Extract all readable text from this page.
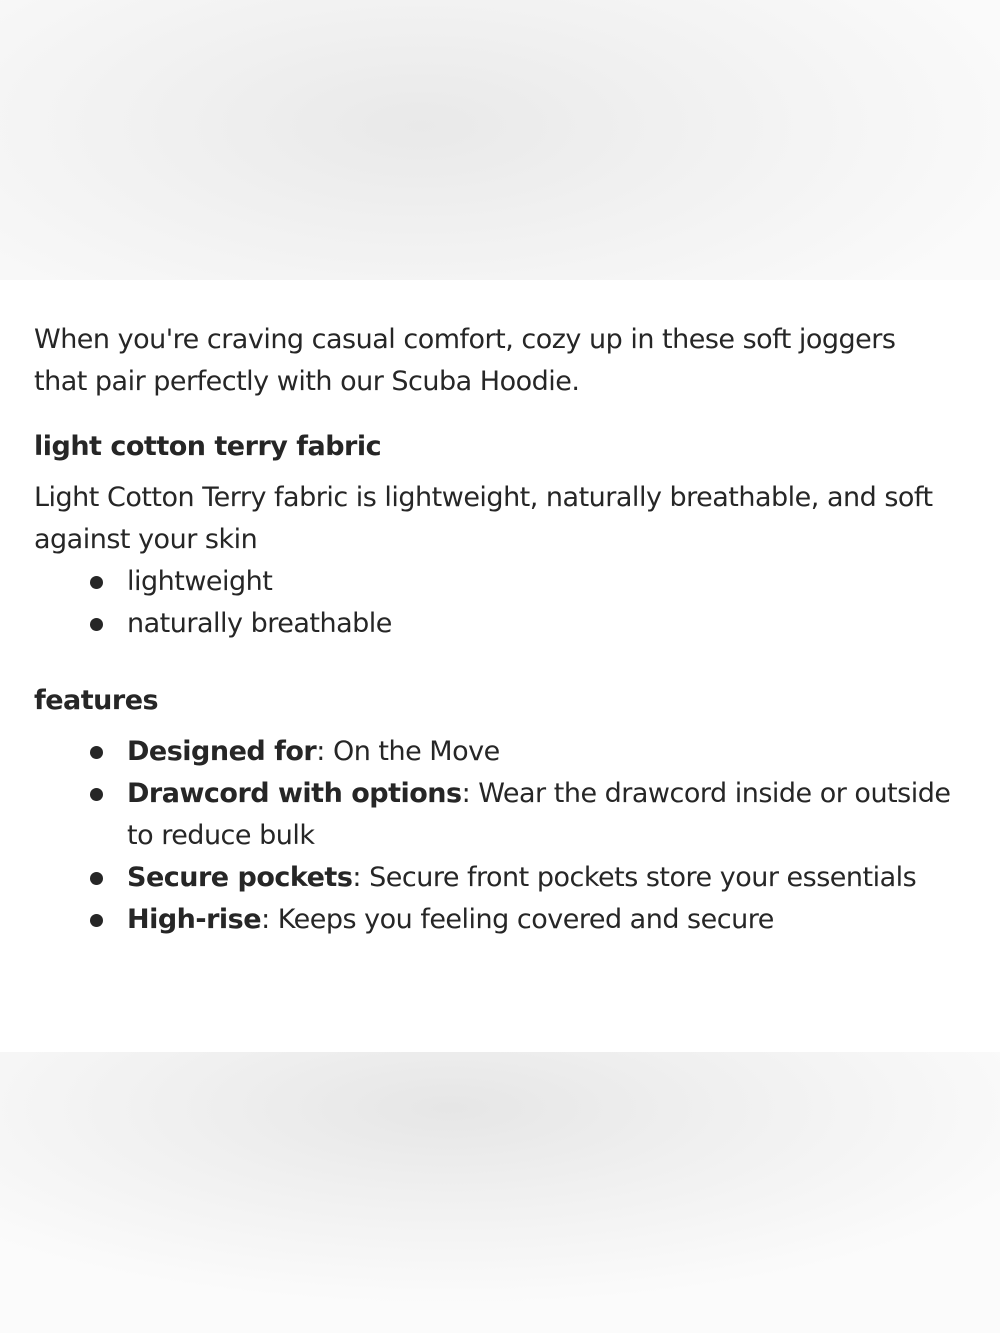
When you're craving casual comfort, cozy up in these soft joggers that pair perfectly with our Scuba Hoodie.

light cotton terry fabric

Light Cotton Terry fabric is lightweight, naturally breathable, and soft against your skin

lightweight
naturally breathable
features
Designed for: On the Move
Drawcord with options: Wear the drawcord inside or outside to reduce bulk
Secure pockets: Secure front pockets store your essentials
High-rise: Keeps you feeling covered and secure
